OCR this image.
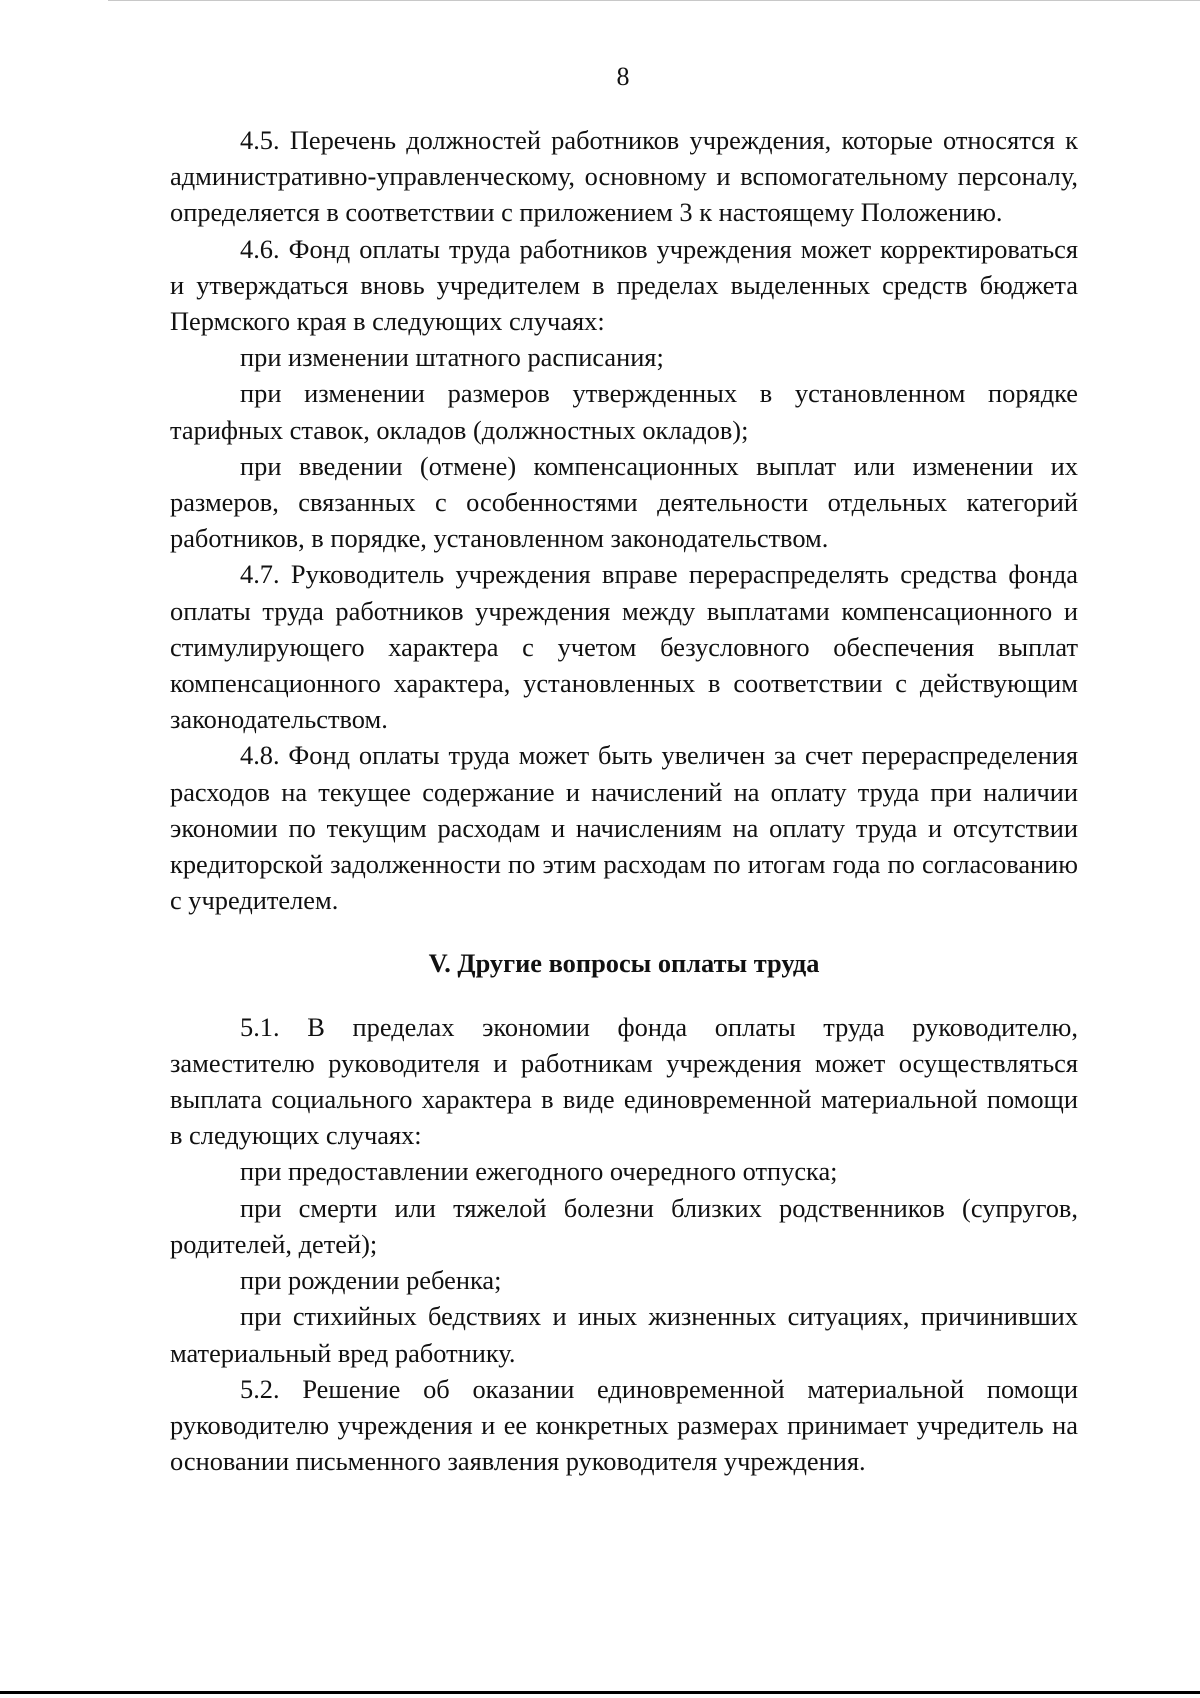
8

4.5. Перечень должностей работников учреждения, которые относятся к административно-управленческому, основному и вспомогательному персоналу, определяется в соответствии с приложением 3 к настоящему Положению.

4.6. Фонд оплаты труда работников учреждения может корректироваться и утверждаться вновь учредителем в пределах выделенных средств бюджета Пермского края в следующих случаях:

при изменении штатного расписания;

при изменении размеров утвержденных в установленном порядке тарифных ставок, окладов (должностных окладов);

при введении (отмене) компенсационных выплат или изменении их размеров, связанных с особенностями деятельности отдельных категорий работников, в порядке, установленном законодательством.

4.7. Руководитель учреждения вправе перераспределять средства фонда оплаты труда работников учреждения между выплатами компенсационного и стимулирующего характера с учетом безусловного обеспечения выплат компенсационного характера, установленных в соответствии с действующим законодательством.

4.8. Фонд оплаты труда может быть увеличен за счет перераспределения расходов на текущее содержание и начислений на оплату труда при наличии экономии по текущим расходам и начислениям на оплату труда и отсутствии кредиторской задолженности по этим расходам по итогам года по согласованию с учредителем.

V. Другие вопросы оплаты труда

5.1. В пределах экономии фонда оплаты труда руководителю, заместителю руководителя и работникам учреждения может осуществляться выплата социального характера в виде единовременной материальной помощи в следующих случаях:

при предоставлении ежегодного очередного отпуска;

при смерти или тяжелой болезни близких родственников (супругов, родителей, детей);

при рождении ребенка;

при стихийных бедствиях и иных жизненных ситуациях, причинивших материальный вред работнику.

5.2. Решение об оказании единовременной материальной помощи руководителю учреждения и ее конкретных размерах принимает учредитель на основании письменного заявления руководителя учреждения.
